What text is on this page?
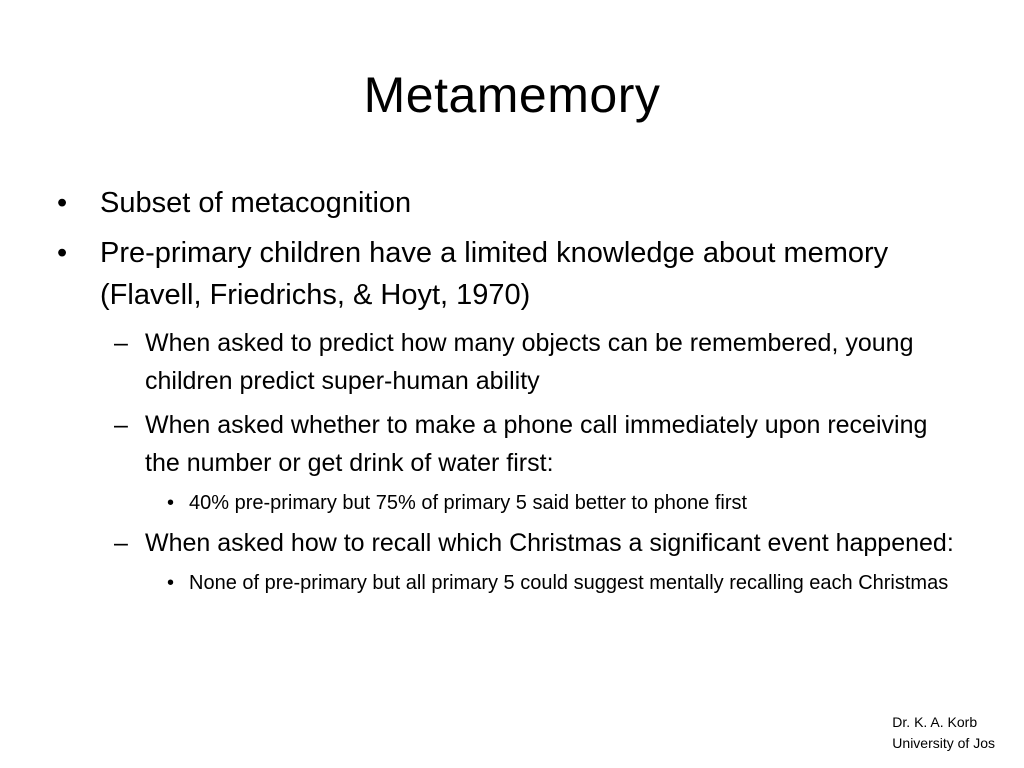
Metamemory
• Subset of metacognition
• Pre-primary children have a limited knowledge about memory (Flavell, Friedrichs, & Hoyt, 1970)
– When asked to predict how many objects can be remembered, young children predict super-human ability
– When asked whether to make a phone call immediately upon receiving the number or get drink of water first:
• 40% pre-primary but 75% of primary 5 said better to phone first
– When asked how to recall which Christmas a significant event happened:
• None of pre-primary but all primary 5 could suggest mentally recalling each Christmas
Dr. K. A. Korb
University of Jos
